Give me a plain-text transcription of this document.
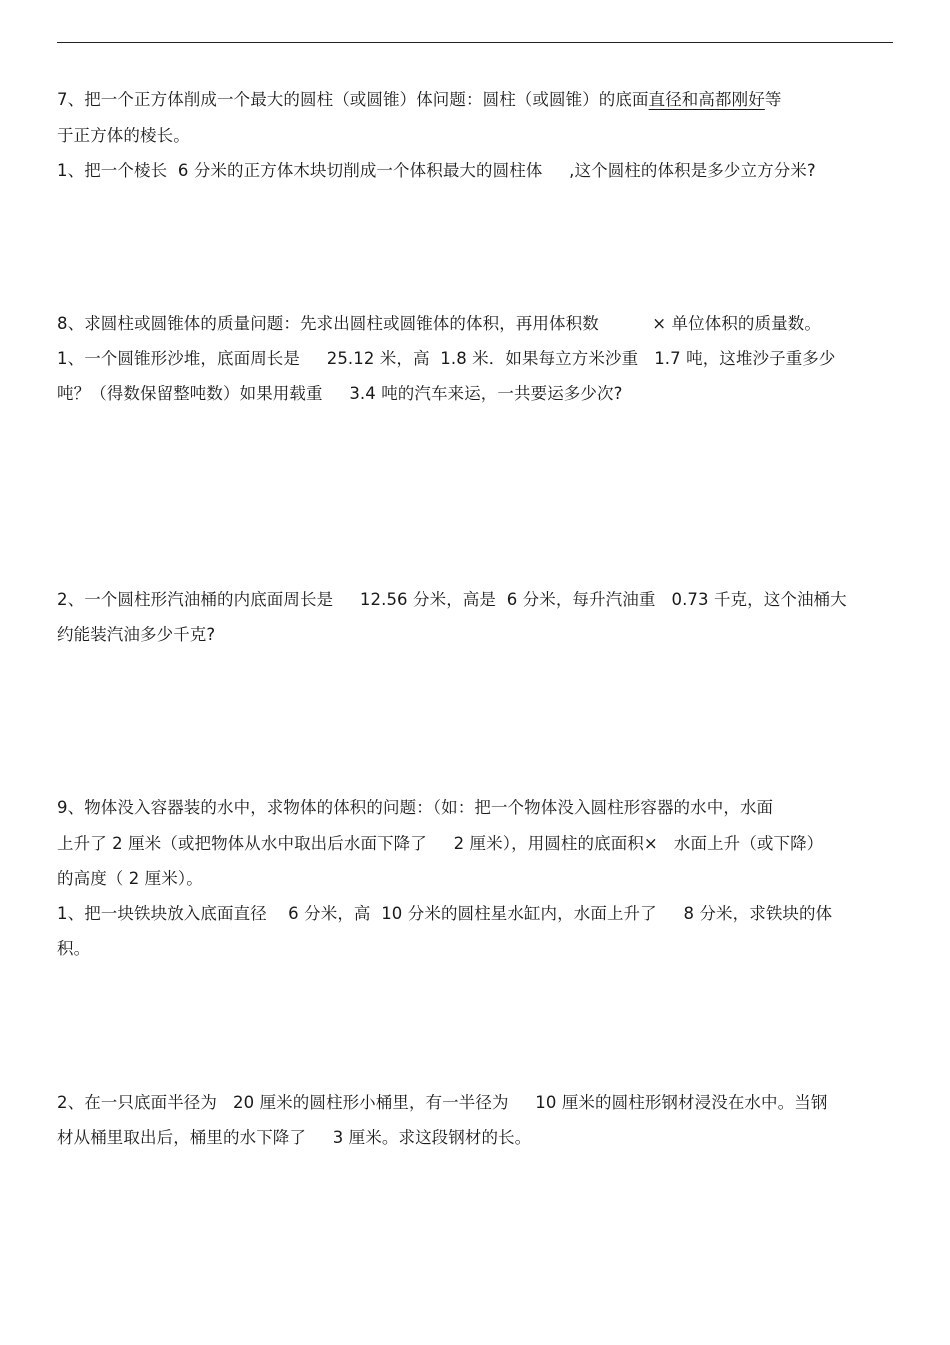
7、把一个正方体削成一个最大的圆柱（或圆锥）体问题：圆柱（或圆锥）的底面直径和高都刚好等
于正方体的棱长。
1、把一个棱长  6 分米的正方体木块切削成一个体积最大的圆柱体     ,这个圆柱的体积是多少立方分米?
8、求圆柱或圆锥体的质量问题：先求出圆柱或圆锥体的体积，再用体积数          × 单位体积的质量数。
1、一个圆锥形沙堆，底面周长是     25.12 米，高  1.8 米．如果每立方米沙重   1.7 吨，这堆沙子重多少
吨？（得数保留整吨数）如果用载重     3.4 吨的汽车来运，一共要运多少次?
2、一个圆柱形汽油桶的内底面周长是     12.56 分米，高是  6 分米，每升汽油重   0.73 千克，这个油桶大
约能装汽油多少千克?
9、物体没入容器装的水中，求物体的体积的问题：（如：把一个物体没入圆柱形容器的水中，水面
上升了 2 厘米（或把物体从水中取出后水面下降了     2 厘米），用圆柱的底面积×   水面上升（或下降）
的高度（ 2 厘米）。
1、把一块铁块放入底面直径    6 分米，高  10 分米的圆柱星水缸内，水面上升了     8 分米，求铁块的体
积。
2、在一只底面半径为   20 厘米的圆柱形小桶里，有一半径为     10 厘米的圆柱形钢材浸没在水中。当钢
材从桶里取出后，桶里的水下降了     3 厘米。求这段钢材的长。
